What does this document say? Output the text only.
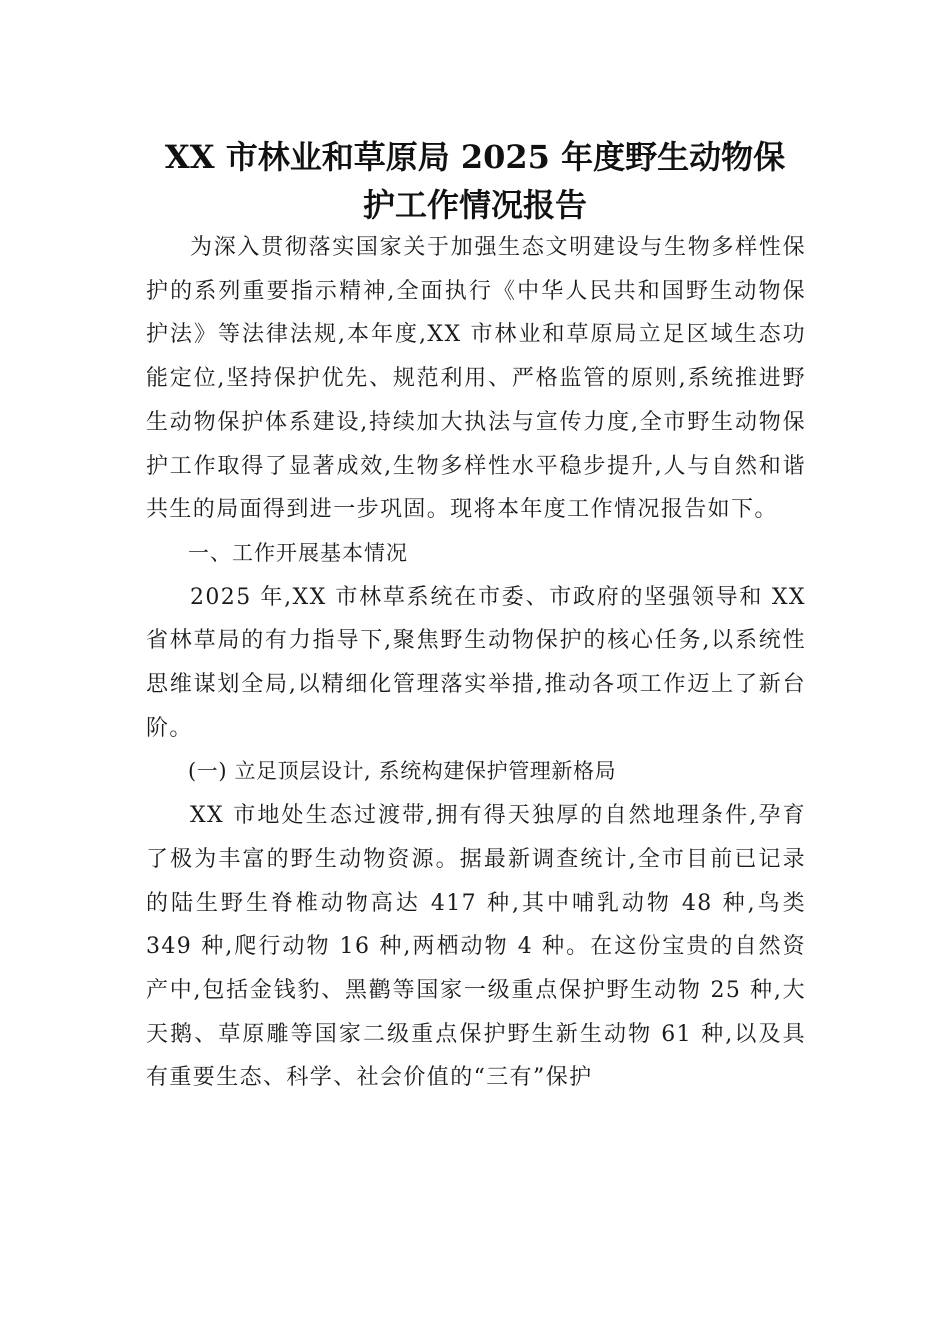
XX 市林业和草原局 2025 年度野生动物保
护工作情况报告

为深入贯彻落实国家关于加强生态文明建设与生物多样性保护的系列重要指示精神,全面执行《中华人民共和国野生动物保护法》等法律法规,本年度,XX 市林业和草原局立足区域生态功能定位,坚持保护优先、规范利用、严格监管的原则,系统推进野生动物保护体系建设,持续加大执法与宣传力度,全市野生动物保护工作取得了显著成效,生物多样性水平稳步提升,人与自然和谐共生的局面得到进一步巩固。现将本年度工作情况报告如下。

一、工作开展基本情况

2025 年,XX 市林草系统在市委、市政府的坚强领导和 XX 省林草局的有力指导下,聚焦野生动物保护的核心任务,以系统性思维谋划全局,以精细化管理落实举措,推动各项工作迈上了新台阶。

(一) 立足顶层设计, 系统构建保护管理新格局

XX 市地处生态过渡带,拥有得天独厚的自然地理条件,孕育了极为丰富的野生动物资源。据最新调查统计,全市目前已记录的陆生野生脊椎动物高达 417 种,其中哺乳动物 48 种,鸟类 349 种,爬行动物 16 种,两栖动物 4 种。在这份宝贵的自然资产中,包括金钱豹、黑鹳等国家一级重点保护野生动物 25 种,大天鹅、草原雕等国家二级重点保护野生新生动物 61 种,以及具有重要生态、科学、社会价值的“三有”保护
